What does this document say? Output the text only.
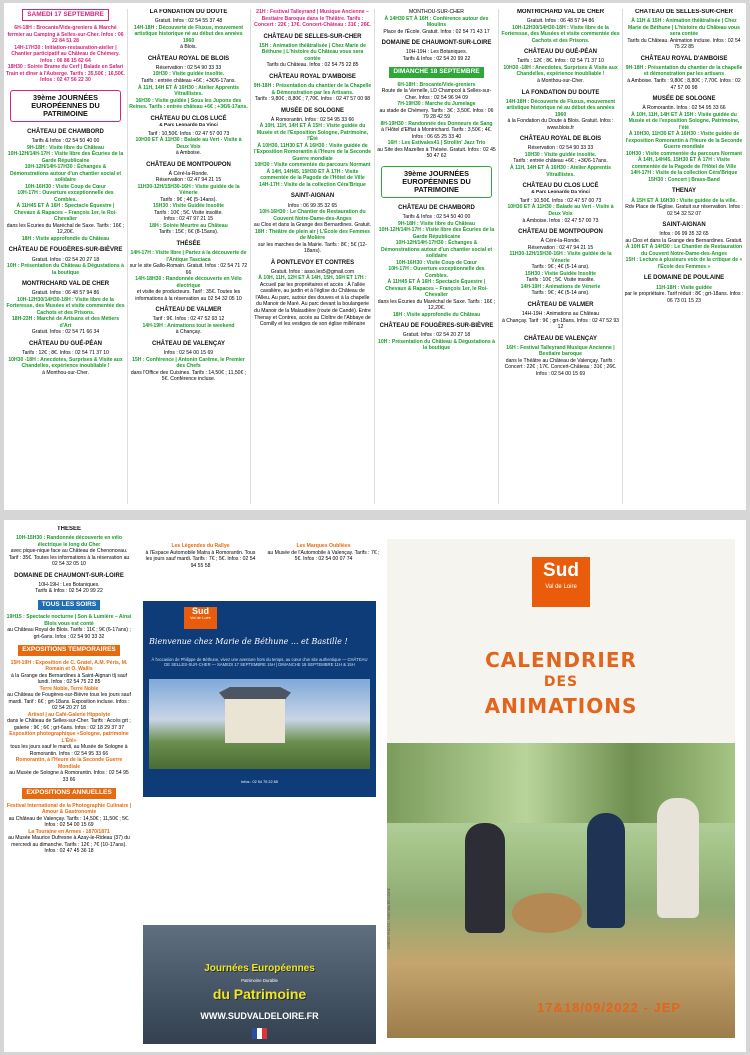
SAMEDI 17 SEPTEMBRE
6H-18H : Brocante/Vide-greniers & Marché fermier au Camping à Selles-sur-Cher. Infos : 06 22 84 51 28
14H-17H30 : Initiation-restauration-atelier | Chantier participatif au Château de Chémery. Infos : 06 88 15 62 64
18H30 : Soirée Brame du Cerf | Balade en Safari Train et dîner à l'Auberge. Tarifs : 35,50€ ; 16,50€. Infos : 02 47 56 22 30
39ème JOURNÉES EUROPÉENNES DU PATRIMOINE
CHÂTEAU DE CHAMBORD
Tarifs & Infos : 02 54 50 40 00
9H-18H : Visite libre du Château
10H-12H/14H-17H : Visite libre des Écuries de la Garde Républicaine
10H-12H/14H-17H30 : Échanges & Démonstrations autour d'un chantier social et solidaire
10H-16H30 : Visite Coup de Cœur
10H-17H : Ouverture exceptionnelle des Combles.
À 11H45 ET À 16H : Spectacle Équestre | Chevaux & Rapaces – François 1er, le Roi-Chevalier
dans les Écuries du Maréchal de Saxe. Tarifs : 16€ ; 12,20€.
18H : Visite approfondie du Château
CHÂTEAU DE FOUGÈRES-SUR-BIÈVRE
Gratuit. Infos : 02 54 20 27 18
10H : Présentation du Château & Dégustations à la boutique
MONTRICHARD VAL DE CHER
Gratuit. Infos : 06 48 57 94 86
10H-12H30/14H30-18H : Visite libre de la Forteresse, des Musées et visite commentée des Cachots et des Prisons.
18H-23H : Marché de Artisans et des Métiers d'Art
Gratuit. Infos : 02 54 71 66 34
CHÂTEAU DU GUÉ-PÉAN
Tarifs : 12€ ; 8€. Infos : 02 54 71 37 10
10H30 -18H : Anecdotes, Surprises & Visite aux Chandelles, expérience inoubliable !
à Monthou-sur-Cher.
LA FONDATION DU DOUTE
Gratuit. Infos : 02 54 55 37 48
14H-18H : Découverte de Fluxus, mouvement artistique historique né au début des années 1960
à Blois.
CHÂTEAU ROYAL DE BLOIS
Réservation : 02 54 90 33 33
10H30 : Visite guidée insolite.
Tarifs : entrée château +6€ ; +3€/6-17ans.
À 11H, 14H ET À 16H30 : Atelier Apprentis Vitraillistes.
16H30 : Visite guidée | Sous les Jupons des Reines. Tarifs : entrée château +6€ ; +3€/6-17ans.
CHÂTEAU DU CLOS LUCÉ
& Parc Leonardo Da Vinci
Tarif : 10,50€. Infos : 02 47 57 00 73
10H30 ET À 11H30 : Balade au Vert - Visite à Deux Voix
à Amboise.
CHÂTEAU DE MONTPOUPON
À Céré-la-Ronde.
Réservation : 02 47 94 21 15
11H30-12H/15H30-16H : Visite guidée de la Vénerie
Tarifs : 9€ ; 4€ (5-14ans).
15H30 : Visite Guidée Insolite
Tarifs : 10€ ; 5€. Visite insolite.
Infos : 02 47 97 21 15
18H : Soirée Meurtre au Château
Tarifs : 15€ ; 6€ (8-15ans).
THÉSÉE
14H-17H : Visite libre | Partez à la découverte de l'Antique Tasciaca
sur le site Gallo-Romain. Gratuit. Infos : 02 54 71 72 66
14H-18H30 : Randonnée découverte en Vélo électrique
et visite de producteurs. Tarif : 35€. Toutes les informations à la réservation au 02 54 32 05 10
CHÂTEAU DE VALMER
Tarif : 9€. Infos : 02 47 52 93 12
14H-19H : Animations tout le weekend
à Chançay.
CHÂTEAU DE VALENÇAY
Infos : 02 54 00 15 69
15H : Conférence | Antonin Carême, le Premier des Chefs
dans l'Office des Cuisines. Tarifs : 14,50€ ; 11,50€ ; 5€. Conférence incluse.
21H : Festival Talleyrand | Musique Ancienne – Bestiaire Baroque dans le Théâtre. Tarifs : Concert : 22€ ; 17€. Concert-Château : 31€ ; 26€.
CHÂTEAU DE SELLES-SUR-CHER
15H : Animation théâtralisée | Chez Marie de Béthune | L'histoire du Château vous sera contée
Tarifs du Château. Infos : 02 54 75 22 85
CHÂTEAU ROYAL D'AMBOISE
9H-18H : Présentation du chantier de la Chapelle & Démonstration par les Artisans.
Tarifs : 9,80€ ; 8,80€ ; 7,70€. Infos : 02 47 57 00 98
MUSÉE DE SOLOGNE
À Romorantin. Infos : 02 54 95 33 66
À 10H, 11H, 14H ET À 15H : Visite guidée du Musée et de l'Exposition Sologne, Patrimoine, l'Été
À 10H30, 11H30 ET À 16H30 : Visite guidée de l'Exposition Romorantin à l'Heure de la Seconde Guerre mondiale
10H30 : Visite commentée du parcours Normant
À 14H, 14H45, 15H30 ET À 17H : Visite commentée de la Pagode de l'Hôtel de Ville
14H-17H : Visite de la collection Céra'Brique
SAINT-AIGNAN
Infos : 06 99 35 32 65
10H-16H30 : Le Chantier de Restauration du Couvent Notre-Dame-des-Anges
au Clos et dans la Grange des Bernardines. Gratuit.
18H : Théâtre de plein air | L'École des Femmes de Molière
sur les marches de la Mairie. Tarifs : 8€ ; 5€ (12-18ans).
À PONTLEVOY ET CONTRES
Gratuit. Infos : asso.les5@gmail.com
À 10H, 11H, 12H ET À 14H, 15H, 16H ET 17H :
Accueil par les propriétaires et accès : À l'allée cavalière, au jardin et à l'église du Château de l'Alleu. Au parc, autour des douves et à la chapelle du Manoir de Maré. Au parc devant la boulangerie du Manoir de la Malaudière (route de Candé). Entre Thenay et Contres, accès au Cloître de l'Abbaye de Cornilly et les vestiges de son église millénaire
MONTHOU-SUR-CHER
À 14H30 ET À 16H : Conférence autour des Moulins
Place de l'École. Gratuit. Infos : 02 54 71 43 17
DOMAINE DE CHAUMONT-SUR-LOIRE
10H-19H : Les Botaniques.
Tarifs & Infos : 02 54 20 99 22
DIMANCHE 18 SEPTEMBRE
6H-18H : Brocante/Vide-greniers
Route de la Vernelle, LD Champcol à Selles-sur-Cher. Infos : 02 54 96 94 09
7H-19H30 : Marche du Jumelage
au stade de Chémery. Tarifs : 3€ ; 3,50€. Infos : 06 79 28 42 59
8H-19H30 : Randonnée des Donneurs de Sang
à l'Hôtel d'Effiat à Montrichard. Tarifs : 3,50€ ; 4€. Infos : 06 65 25 33 40
16H : Les Estivales41 | Strollin' Jazz Trio
au Site des Mazelles à Thésée. Gratuit. Infos : 02 45 50 47 62
39ème JOURNÉES EUROPÉENNES DU PATRIMOINE
CHÂTEAU DE CHAMBORD
Tarifs & Infos : 02 54 50 40 00
9H-18H : Visite libre du Château
10H-12H/14H-17H : Visite libre des Écuries de la Garde Républicaine
10H-12H/14H-17H30 : Échanges & Démonstrations autour d'un chantier social et solidaire
10H-16H30 : Visite Coup de Cœur
10H-17H : Ouverture exceptionnelle des Combles.
À 11H45 ET À 16H : Spectacle Équestre | Chevaux & Rapaces – François 1er, le Roi-Chevalier
dans les Écuries du Maréchal de Saxe. Tarifs : 16€ ; 12,20€.
18H : Visite approfondie du Château
CHÂTEAU DE FOUGÈRES-SUR-BIÈVRE
Gratuit. Infos : 02 54 20 27 18
10H : Présentation du Château & Dégustations à la boutique
MONTRICHARD VAL DE CHER
Gratuit. Infos : 06 48 57 94 86
10H-12H30/14H30-18H : Visite libre de la Forteresse, des Musées et visite commentée des Cachots et des Prisons.
CHÂTEAU DU GUÉ-PÉAN
Tarifs : 12€ ; 8€. Infos : 02 54 71 37 10
10H30 -18H : Anecdotes, Surprises & Visite aux Chandelles, expérience inoubliable !
à Monthou-sur-Cher.
LA FONDATION DU DOUTE
14H-18H : Découverte de Fluxus, mouvement artistique historique né au début des années 1960
à la Fondation du Doute à Blois. Gratuit. Infos : www.blois.fr
CHÂTEAU ROYAL DE BLOIS
Réservation : 02 54 90 33 33
10H30 : Visite guidée insolite.
Tarifs : entrée château +6€ ; +3€/6-17ans.
À 11H, 14H ET À 16H30 : Atelier Apprentis Vitraillistes.
CHÂTEAU DU CLOS LUCÉ
& Parc Leonardo Da Vinci
Tarif : 10,50€. Infos : 02 47 57 00 73
10H30 ET À 11H30 : Balade au Vert - Visite à Deux Voix
à Amboise. Infos : 02 47 57 00 73
CHÂTEAU DE MONTPOUPON
À Céré-la-Ronde.
Réservation : 02 47 94 21 15
11H30-12H/15H30-16H : Visite guidée de la Vénerie
Tarifs : 9€ ; 4€ (5-14 ans).
15H30 : Visite Guidée Insolite
Tarifs : 10€ ; 5€. Visite insolite.
14H-19H : Animations de Vénerie
Tarifs : 9€ ; 4€ (5-14 ans).
CHÂTEAU DE VALMER
14H-19H : Animations au Château
à Chançay. Tarif : 9€ ; grt-18ans. Infos : 02 47 52 93 12
CHÂTEAU DE VALENÇAY
16H : Festival Talleyrand Musique Ancienne | Bestiaire baroque
dans le Théâtre au Château de Valençay. Tarifs : Concert : 22€ ; 17€. Concert-Château : 31€ ; 26€. Infos : 02 54 00 15 69
CHÂTEAU DE SELLES-SUR-CHER
À 11H & 15H : Animation théâtralisée | Chez Marie de Béthune | L'histoire du Château vous sera contée
Tarifs du Château. Animation incluse. Infos : 02 54 75 22 85
CHÂTEAU ROYAL D'AMBOISE
9H-18H : Présentation du chantier de la chapelle et démonstration par les artisans
à Amboise. Tarifs : 9,80€ ; 8,80€ ; 7,70€. Infos : 02 47 57 00 98
MUSÉE DE SOLOGNE
À Romorantin. Infos : 02 54 95 33 66
À 10H, 11H, 14H ET À 15H : Visite guidée du Musée et de l'exposition Sologne, Patrimoine, l'été
À 10H30, 11H30 ET À 16H30 : Visite guidée de l'exposition Romorantin à l'Heure de la Seconde Guerre mondiale
10H30 : Visite commentée du parcours Normant
À 14H, 14H45, 15H30 ET À 17H : Visite commentée de la Pagode de l'Hôtel de Ville
14H-17H : Visite de la collection Céra'Brique
15H30 : Concert | Brass-Band
THENAY
À 15H ET À 16H30 : Visite guidée de la ville.
Rdv Place de l'Église. Gratuit sur réservation. Infos : 02 54 32 52 07
SAINT-AIGNAN
Infos : 06 99 35 32 65
au Clos et dans la Grange des Bernardines. Gratuit.
À 10H ET À 14H30 : Le Chantier de Restauration du Couvent Notre-Dame-des-Anges
15H : Lecture à plusieurs voix de la critique de « l'École des Femmes »
LE DOMAINE DE POULAINE
11H-18H : Visite guidée
par le propriétaire. Tarif réduit : 8€ ; grt-18ans. Infos : 06 73 01 15 23
THÉSÉE
10H-15H30 : Randonnée découverte en vélo électrique le long du Cher
avec pique-nique face au Château de Chenonceau. Tarif : 35€. Toutes les informations à la réservation au 02 54 32 05 10
DOMAINE DE CHAUMONT-SUR-LOIRE
10H-19H : Les Botaniques.
Tarifs & Infos : 02 54 20 99 22
TOUS LES SOIRS
19H15 : Spectacle nocturne | Son & Lumière – Ainsi Blois vous est conté
au Château Royal de Blois. Tarifs : 11€ ; 9€ (6-17ans) ; grt-6ans. Infos : 02 54 90 33 32
EXPOSITIONS TEMPORAIRES
15H-19H : Exposition de C. Gratel, A.M. Péris, M. Romain et O. Wallis
à la Grange des Bernardines à Saint-Aignan tlj sauf lundi. Infos : 02 54 75 22 85
Terre Noble, Terre Noble
au Château de Fougères-sur-Bièvre tous les jours sauf mardi. Tarif : 6€ ; grt-18ans. Exposition incluse. Infos : 02 54 20 27 18
Artisol | au Café-Galerie Hippolyte
dans le Château de Selles-sur-Cher. Tarifs : Accès grt ; galerie : 9€ ; 6€ ; grt-6ans. Infos : 02 18 29 37 37
Exposition photographique «Sologne, patrimoine L'Été»
tous les jours sauf le mardi, au Musée de Sologne à Romorantin. Infos : 02 54 95 33 66
Romorantin, à l'Heure de la Seconde Guerre Mondiale
au Musée de Sologne à Romorantin. Infos : 02 54 95 33 66
EXPOSITIONS ANNUELLES
Festival International de la Photographie Culinaire | Amour & Gastronomie
au Château de Valençay. Tarifs : 14,50€ ; 11,50€ ; 5€. Infos : 02 54 00 15 69
La Touraine en Armes - 1870/1871
au Musée Maurice Dufresne à Azay-le-Rideau (37) du mercredi au dimanche. Tarifs : 12€ ; 7€ (10-17ans). Infos : 02 47 45 36 18
Les Légendes du Rallye
à l'Espace Automobile Matra à Romorantin. Tous les jours sauf mardi. Tarifs : 7€ ; 5€. Infos : 02 54 94 55 58
Les Marques Oubliées
au Musée de l'Automobile à Valençay. Tarifs : 7€ ; 5€. Infos : 02 54 00 07 74
Sud
Val de Loire
Bienvenue chez Marie de Béthune ... et Bastille !
À l'occasion de Philippe de Béthune, vivez une aventure hors du temps, au cœur d'un site authentique — CHÂTEAU DE SELLES-SUR-CHER — SAMEDI 17 SEPTEMBRE 15H | DIMANCHE 18 SEPTEMBRE 11H & 15H
Infos : 02 54 75 22 85
Journées Européennes
Patrimoine Durable
du Patrimoine
WWW.SUDVALDELOIRE.FR
Sud
Val de Loire
CALENDRIER
DES
ANIMATIONS
CRÉDIT PHOTO : SUD VAL DE LOIRE
17&18/09/2022 - JEP
